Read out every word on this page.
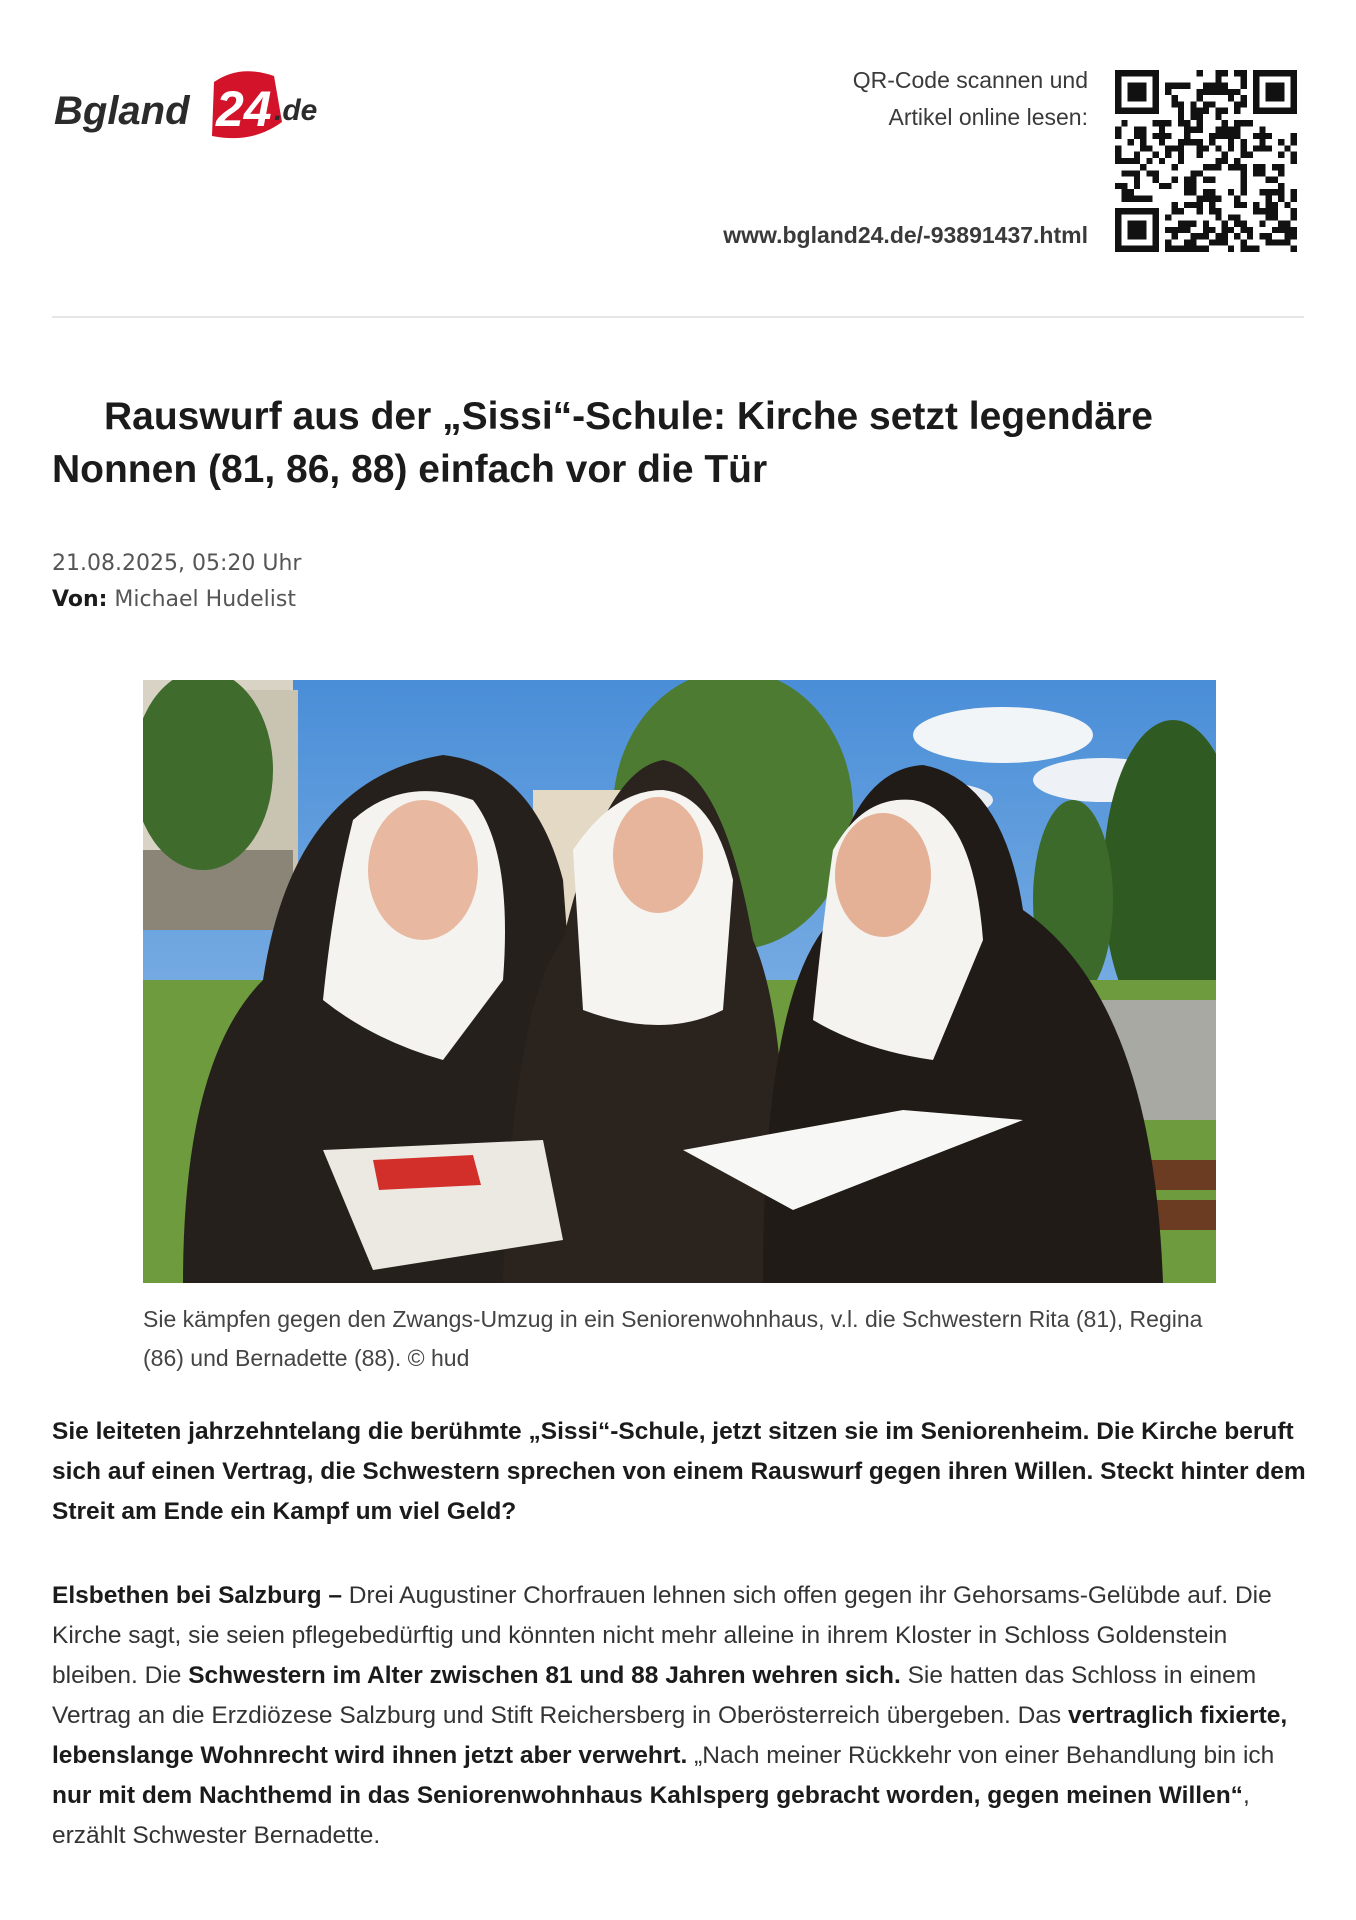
Bgland 24 .de
QR-Code scannen und
Artikel online lesen:
www.bgland24.de/-93891437.html
Rauswurf aus der „Sissi“-Schule: Kirche setzt legendäre Nonnen (81, 86, 88) einfach vor die Tür
21.08.2025, 05:20 Uhr
Von: Michael Hudelist
Sie kämpfen gegen den Zwangs-Umzug in ein Seniorenwohnhaus, v.l. die Schwestern Rita (81), Regina (86) und Bernadette (88). © hud

Sie leiteten jahrzehntelang die berühmte „Sissi“-Schule, jetzt sitzen sie im Seniorenheim. Die Kirche beruft sich auf einen Vertrag, die Schwestern sprechen von einem Rauswurf gegen ihren Willen. Steckt hinter dem Streit am Ende ein Kampf um viel Geld?

Elsbethen bei Salzburg – Drei Augustiner Chorfrauen lehnen sich offen gegen ihr Gehorsams-Gelübde auf. Die Kirche sagt, sie seien pflegebedürftig und könnten nicht mehr alleine in ihrem Kloster in Schloss Goldenstein bleiben. Die Schwestern im Alter zwischen 81 und 88 Jahren wehren sich. Sie hatten das Schloss in einem Vertrag an die Erzdiözese Salzburg und Stift Reichersberg in Oberösterreich übergeben. Das vertraglich fixierte, lebenslange Wohnrecht wird ihnen jetzt aber verwehrt. „Nach meiner Rückkehr von einer Behandlung bin ich nur mit dem Nachthemd in das Seniorenwohnhaus Kahlsperg gebracht worden, gegen meinen Willen“, erzählt Schwester Bernadette.
